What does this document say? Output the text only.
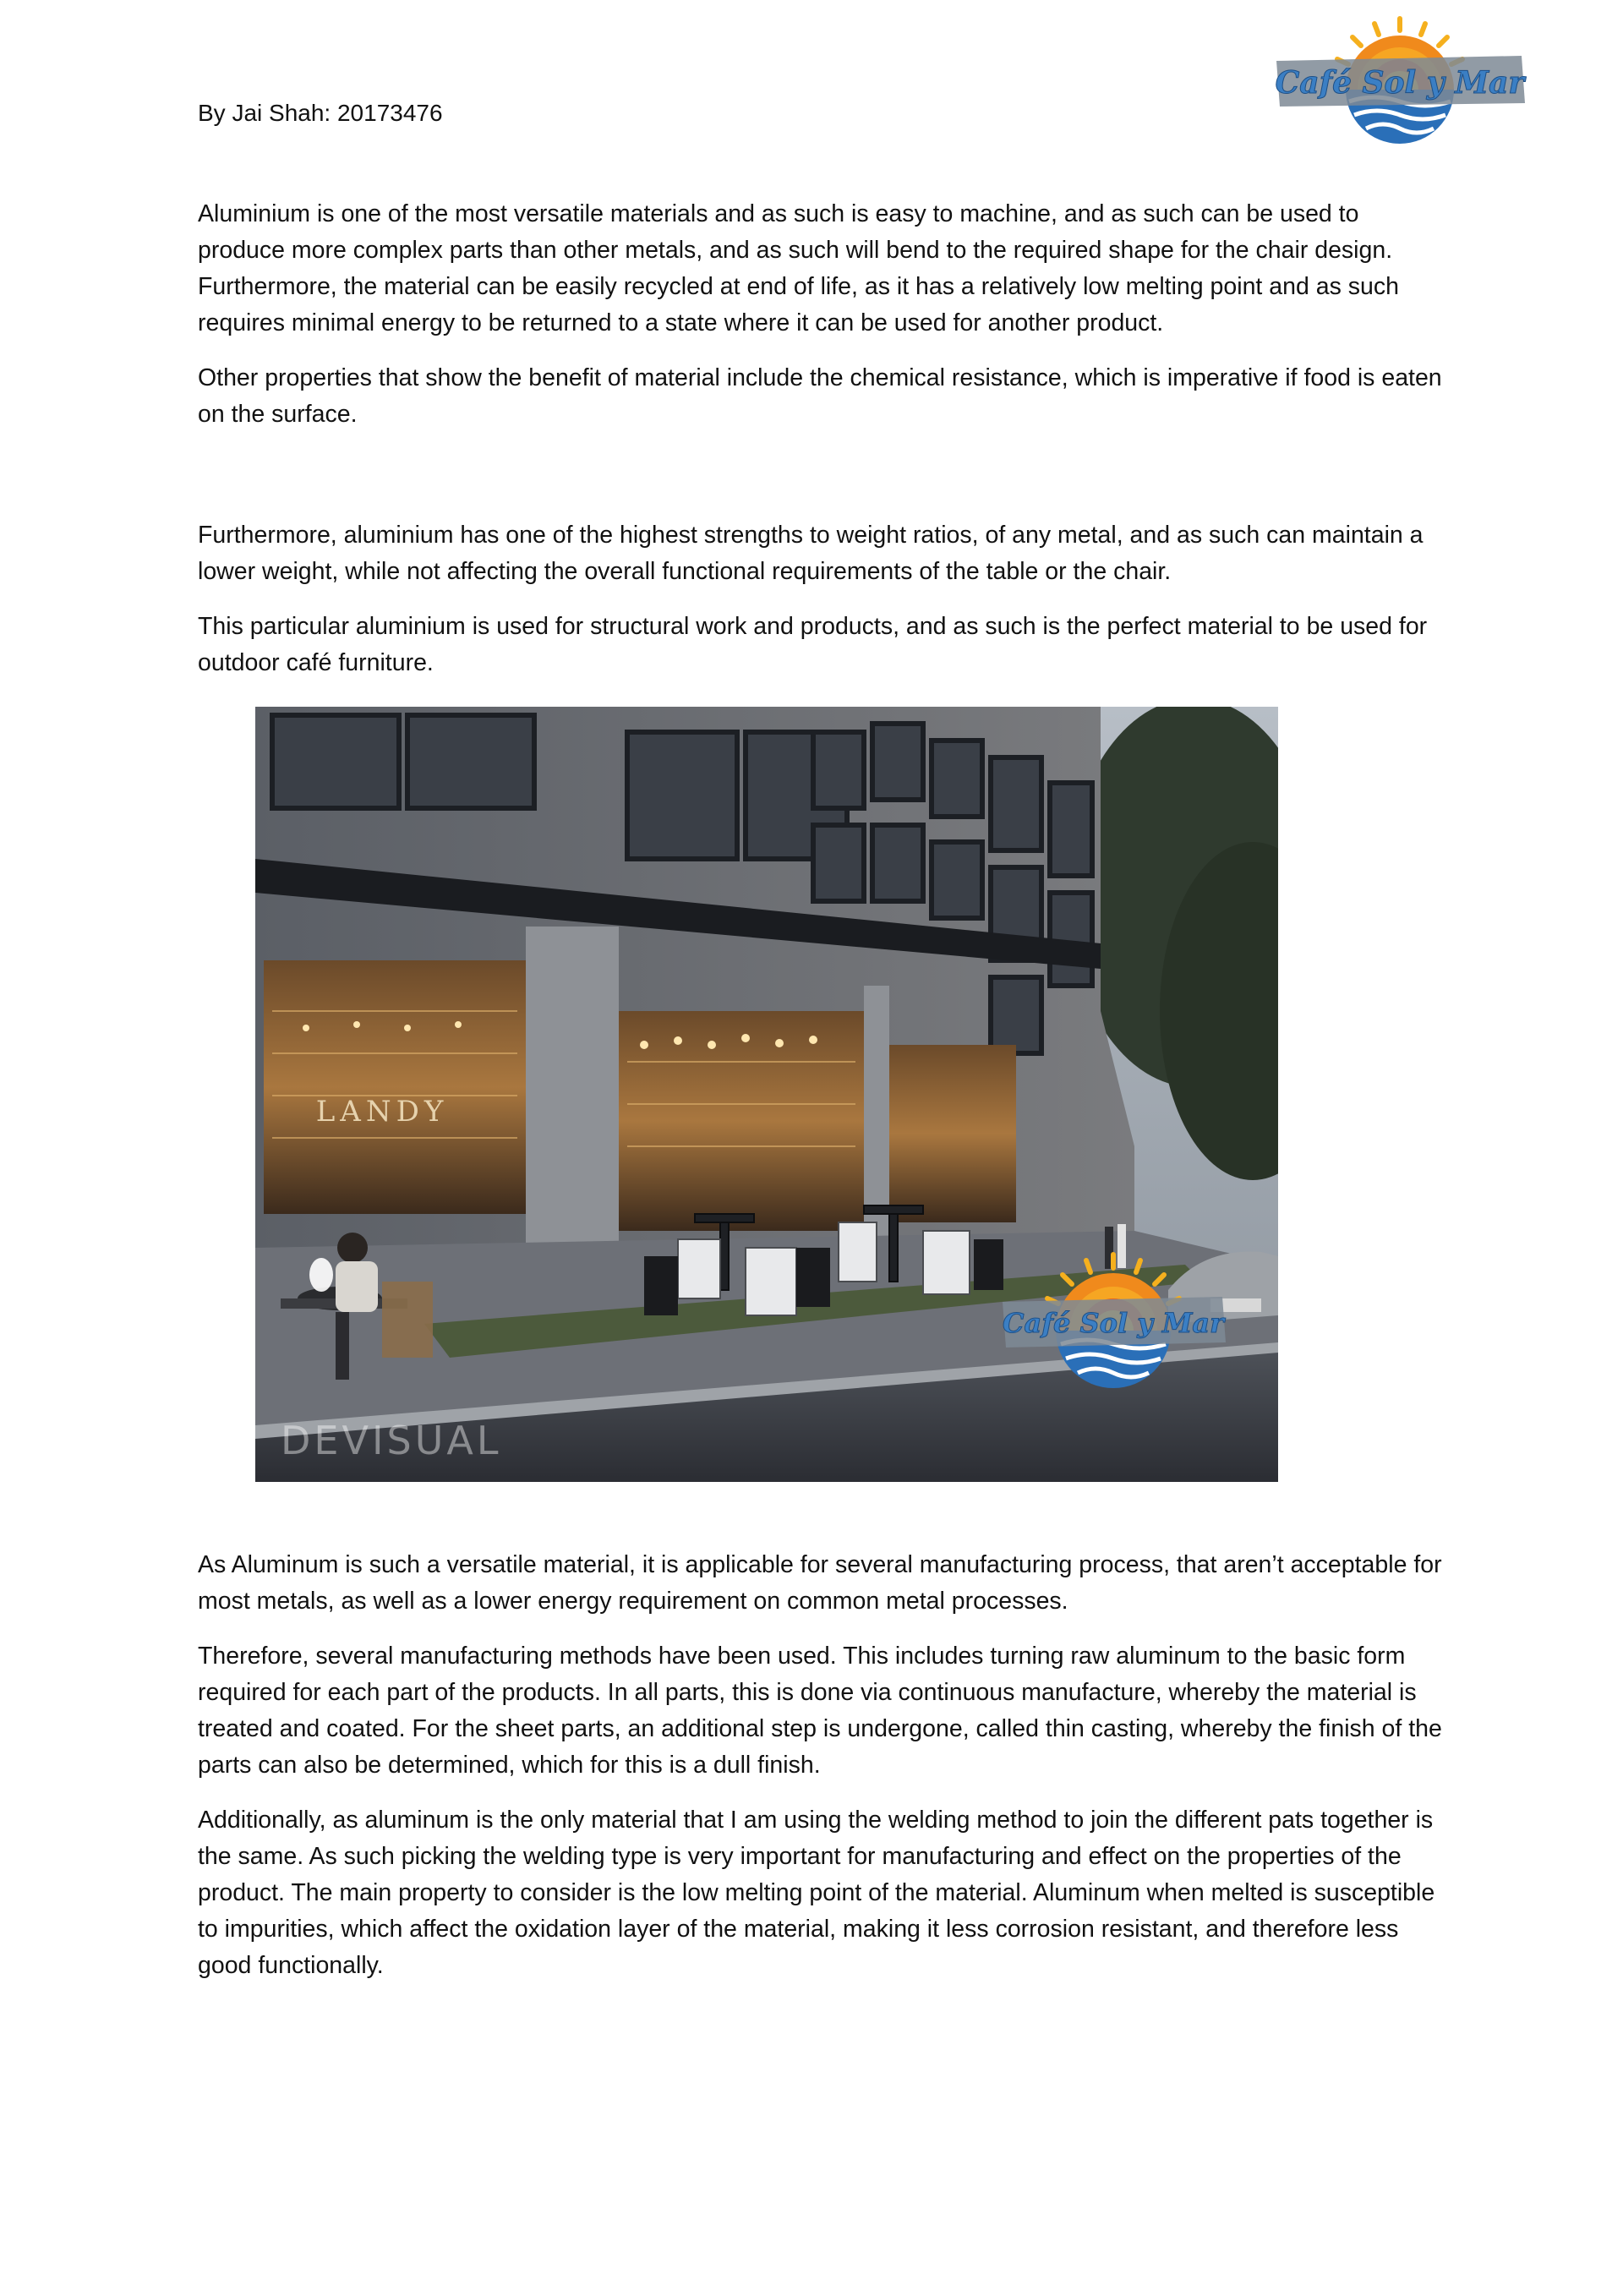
By Jai Shah: 20173476

Café Sol y Mar

Aluminium is one of the most versatile materials and as such is easy to machine, and as such can be used to produce more complex parts than other metals, and as such will bend to the required shape for the chair design. Furthermore, the material can be easily recycled at end of life, as it has a relatively low melting point and as such requires minimal energy to be returned to a state where it can be used for another product.

Other properties that show the benefit of material include the chemical resistance, which is imperative if food is eaten on the surface.

Furthermore, aluminium has one of the highest strengths to weight ratios, of any metal, and as such can maintain a lower weight, while not affecting the overall functional requirements of the table or the chair.

This particular aluminium is used for structural work and products, and as such is the perfect material to be used for outdoor café furniture.

LANDY
DEVISUAL
Café Sol y Mar

As Aluminum is such a versatile material, it is applicable for several manufacturing process, that aren’t acceptable for most metals, as well as a lower energy requirement on common metal processes.

Therefore, several manufacturing methods have been used. This includes turning raw aluminum to the basic form required for each part of the products. In all parts, this is done via continuous manufacture, whereby the material is treated and coated. For the sheet parts, an additional step is undergone, called thin casting, whereby the finish of the parts can also be determined, which for this is a dull finish.

Additionally, as aluminum is the only material that I am using the welding method to join the different pats together is the same. As such picking the welding type is very important for manufacturing and effect on the properties of the product. The main property to consider is the low melting point of the material. Aluminum when melted is susceptible to impurities, which affect the oxidation layer of the material, making it less corrosion resistant, and therefore less good functionally.
